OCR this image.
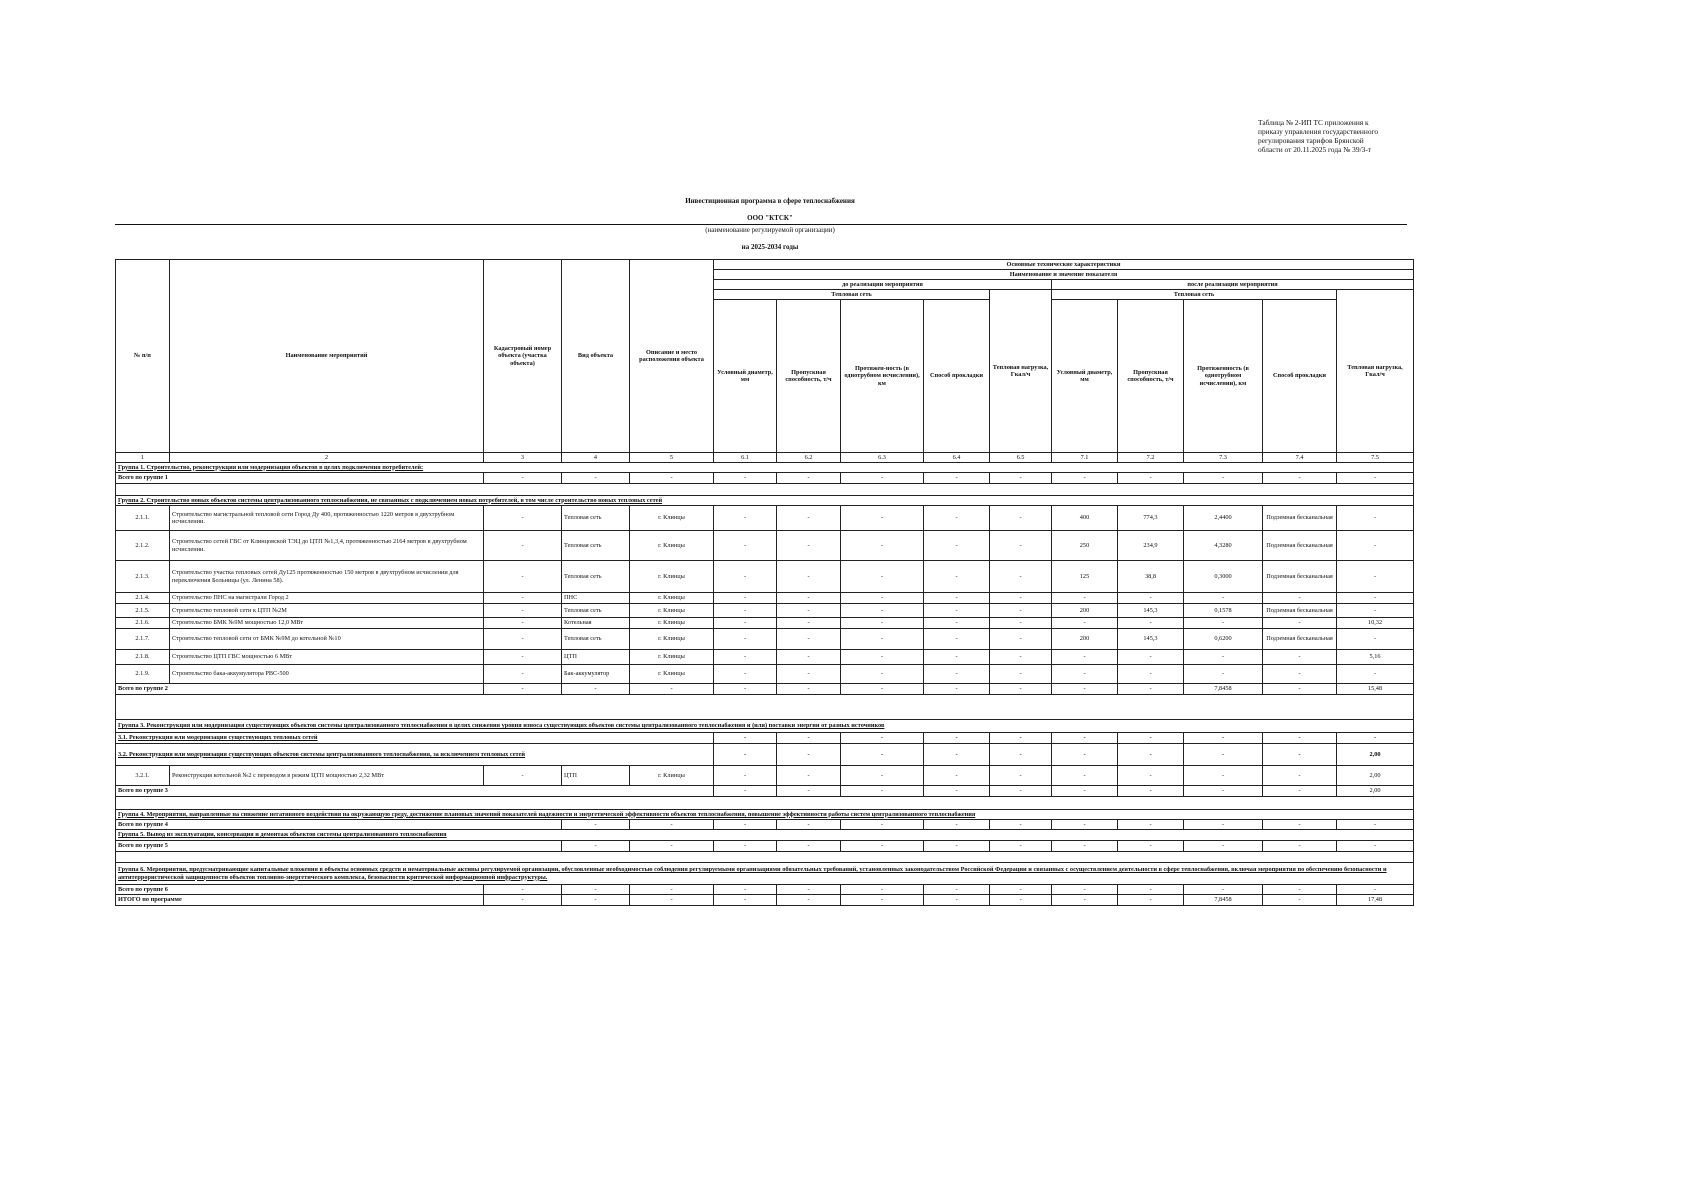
Таблица № 2-ИП ТС приложения к
приказу управления государственного
регулирования тарифов Брянской
области от 20.11.2025 года № 39/3-т
Инвестиционная программа в сфере теплоснабжения
ООО "КТСК"
(наименование регулируемой организации)
на 2025-2034 годы
№ п/п	Наименование мероприятий	Кадастровый номер объекта (участка объекта)	Вид объекта	Описание и место расположения объекта	Основные технические характеристики									
					Наименование и значение показателя									
					до реализации мероприятия					после реализации мероприятия				
					Тепловая сеть				Тепловая нагрузка, Гкал/ч	Тепловая сеть				Тепловая нагрузка, Гкал/ч
					Условный диаметр, мм	Пропускная способность, т/ч	Протяжен-ность (в однотрубном исчислении), км	Способ прокладки		Условный диаметр, мм	Пропускная способность, т/ч	Протяженность (в однотрубном исчислении), км	Способ прокладки	
1	2	3	4	5	6.1	6.2	6.3	6.4	6.5	7.1	7.2	7.3	7.4	7.5
Группа 1. Строительство, реконструкция или модернизация объектов в целях подключения потребителей:														
Всего по группе 1		-	-	-	-	-	-	-	-	-	-	-	-	-

Группа 2. Строительство новых объектов системы централизованного теплоснабжения, не связанных с подключением новых потребителей, в том числе строительство новых тепловых сетей														
2.1.1.	Строительство магистральной тепловой сети Город Ду 400, протяженностью 1220 метров в двухтрубном исчислении.	-	Тепловая сеть	г. Клинцы	-	-	-	-	-	400	774,3	2,4400	Подземная бесканальная	-
2.1.2.	Строительство сетей ГВС от Клинцовской ТЭЦ до ЦТП №1,3,4, протяженностью 2164 метров в двухтрубном исчислении.	-	Тепловая сеть	г. Клинцы	-	-	-	-	-	250	234,9	4,3280	Подземная бесканальная	-
2.1.3.	Строительство участка тепловых сетей Ду125 протяженностью 150 метров в двухтрубном исчислении для переключения Больницы (ул. Ленина 58).	-	Тепловая сеть	г. Клинцы	-	-	-	-	-	125	38,8	0,3000	Подземная бесканальная	-
2.1.4.	Строительство ПНС на магистрали Город 2	-	ПНС	г. Клинцы	-	-	-	-	-	-	-	-	-	-
2.1.5.	Строительство тепловой сети к ЦТП №2М	-	Тепловая сеть	г. Клинцы	-	-	-	-	-	200	145,3	0,1578	Подземная бесканальная	-
2.1.6.	Строительство БМК №9М мощностью 12,0 МВт	-	Котельная	г. Клинцы	-	-	-	-	-	-	-	-	-	10,32
2.1.7.	Строительство тепловой сети от БМК №9М до котельной №10	-	Тепловая сеть	г. Клинцы	-	-	-	-	-	200	145,3	0,6200	Подземная бесканальная	-
2.1.8.	Строительство ЦТП ГВС мощностью 6 МВт	-	ЦТП	г. Клинцы	-	-	-	-	-	-	-	-	-	5,16
2.1.9.	Строительство бака-аккумулятора РВС-500	-	Бак-аккумулятор	г. Клинцы	-	-	-	-	-	-	-	-	-	-
Всего по группе 2		-	-	-	-	-	-	-	-	-	-	7,8458	-	15,48

Группа 3. Реконструкция или модернизация существующих объектов системы централизованного теплоснабжения в целях снижения уровня износа существующих объектов системы централизованного теплоснабжения и (или) поставки энергии от разных источников														
3.1. Реконструкция или модернизация существующих тепловых сетей					-	-	-	-	-	-	-	-	-	-
3.2. Реконструкция или модернизация существующих объектов системы централизованного теплоснабжения, за исключением тепловых сетей					-	-	-	-	-	-	-	-	-	2,00
3.2.1.	Реконструкция котельной №2 с переводом в режим ЦТП мощностью 2,32 МВт	-	ЦТП	г. Клинцы	-	-	-	-	-	-	-	-	-	2,00
Всего по группе 3					-	-	-	-	-	-	-	-	-	2,00

Группа 4. Мероприятия, направленные на снижение негативного воздействия на окружающую среду, достижение плановых значений показателей надежности и энергетической эффективности объектов теплоснабжения, повышение эффективности работы систем централизованного теплоснабжения														
Всего по группе 4			-	-	-	-	-	-	-	-	-	-	-	-
Группа 5. Вывод из эксплуатации, консервация и демонтаж объектов системы централизованного теплоснабжения														
Всего по группе 5			-	-	-	-	-	-	-	-	-	-	-	-

Группа 6. Мероприятия, предусматривающие капитальные вложения в объекты основных средств и нематериальные активы регулируемой организации, обусловленные необходимостью соблюдения регулируемыми организациями обязательных требований, установленных законодательством Российской Федерации и связанных с осуществлением деятельности в сфере теплоснабжения, включая мероприятия по обеспечению безопасности и антитеррористической защищенности объектов топливно-энергетического комплекса, безопасности критической информационной инфраструктуры.														
Всего по группе 6		-	-	-	-	-	-	-	-	-	-	-	-	-
ИТОГО по программе		-	-	-	-	-	-	-	-	-	-	7,8458	-	17,48
